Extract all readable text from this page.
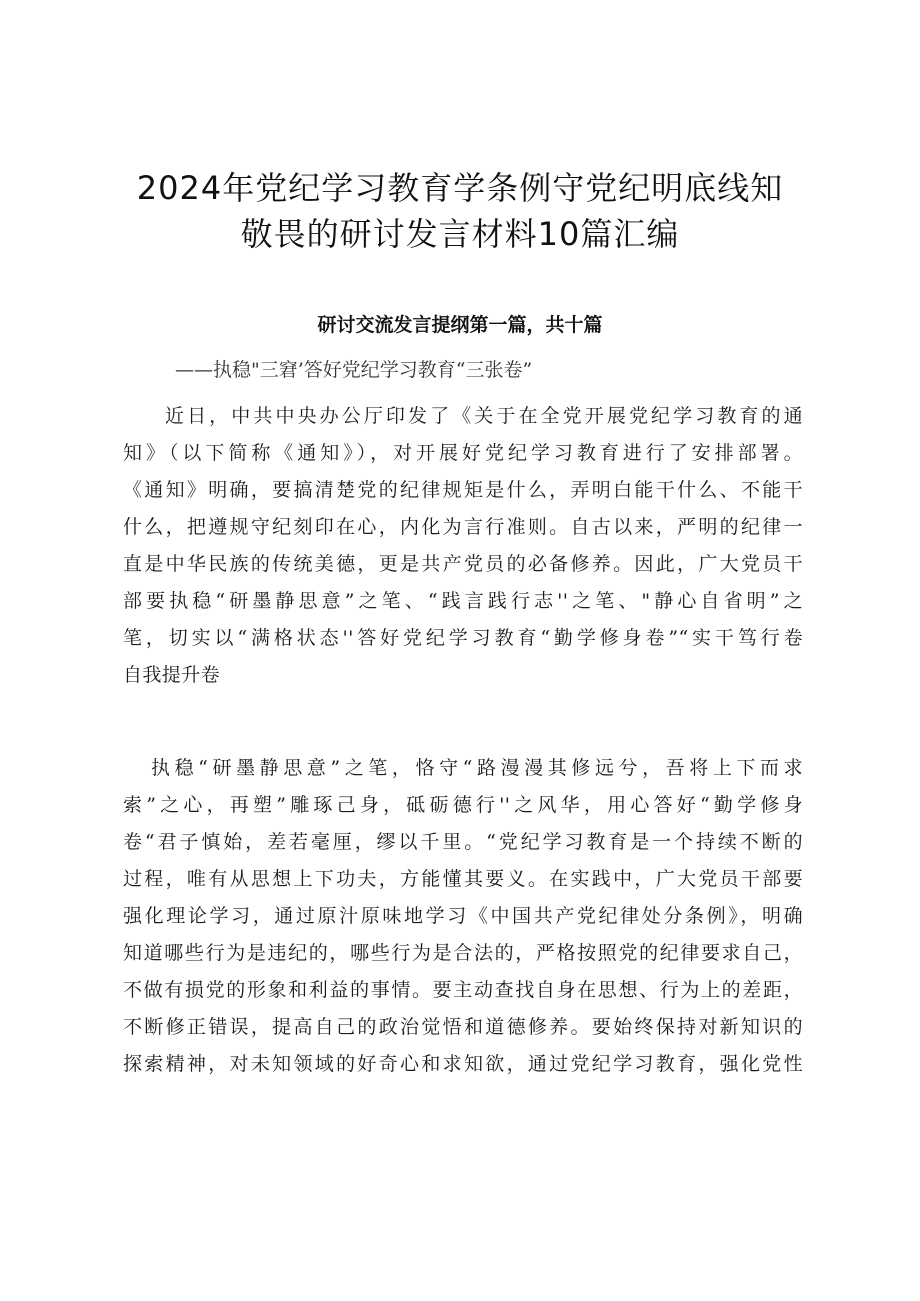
2024年党纪学习教育学条例守党纪明底线知
敬畏的研讨发言材料10篇汇编
研讨交流发言提纲第一篇，共十篇
——执稳"三窘’答好党纪学习教育“三张卷”
近日，中共中央办公厅印发了《关于在全党开展党纪学习教育的通
知》（以下简称《通知》），对开展好党纪学习教育进行了安排部署。
《通知》明确，要搞清楚党的纪律规矩是什么，弄明白能干什么、不能干
什么，把遵规守纪刻印在心，内化为言行准则。自古以来，严明的纪律一
直是中华民族的传统美德，更是共产党员的必备修养。因此，广大党员干
部要执稳“研墨静思意”之笔、“践言践行志''之笔、"静心自省明”之
笔，切实以“满格状态''答好党纪学习教育“勤学修身卷”“实干笃行卷
自我提升卷
执稳“研墨静思意”之笔，恪守“路漫漫其修远兮，吾将上下而求
索”之心，再塑”雕琢己身，砥砺德行''之风华，用心答好“勤学修身
卷“君子慎始，差若毫厘，缪以千里。“党纪学习教育是一个持续不断的
过程，唯有从思想上下功夫，方能懂其要义。在实践中，广大党员干部要
强化理论学习，通过原汁原味地学习《中国共产党纪律处分条例》，明确
知道哪些行为是违纪的，哪些行为是合法的，严格按照党的纪律要求自己，
不做有损党的形象和利益的事情。要主动查找自身在思想、行为上的差距，
不断修正错误，提高自己的政治觉悟和道德修养。要始终保持对新知识的
探索精神，对未知领域的好奇心和求知欲，通过党纪学习教育，强化党性
